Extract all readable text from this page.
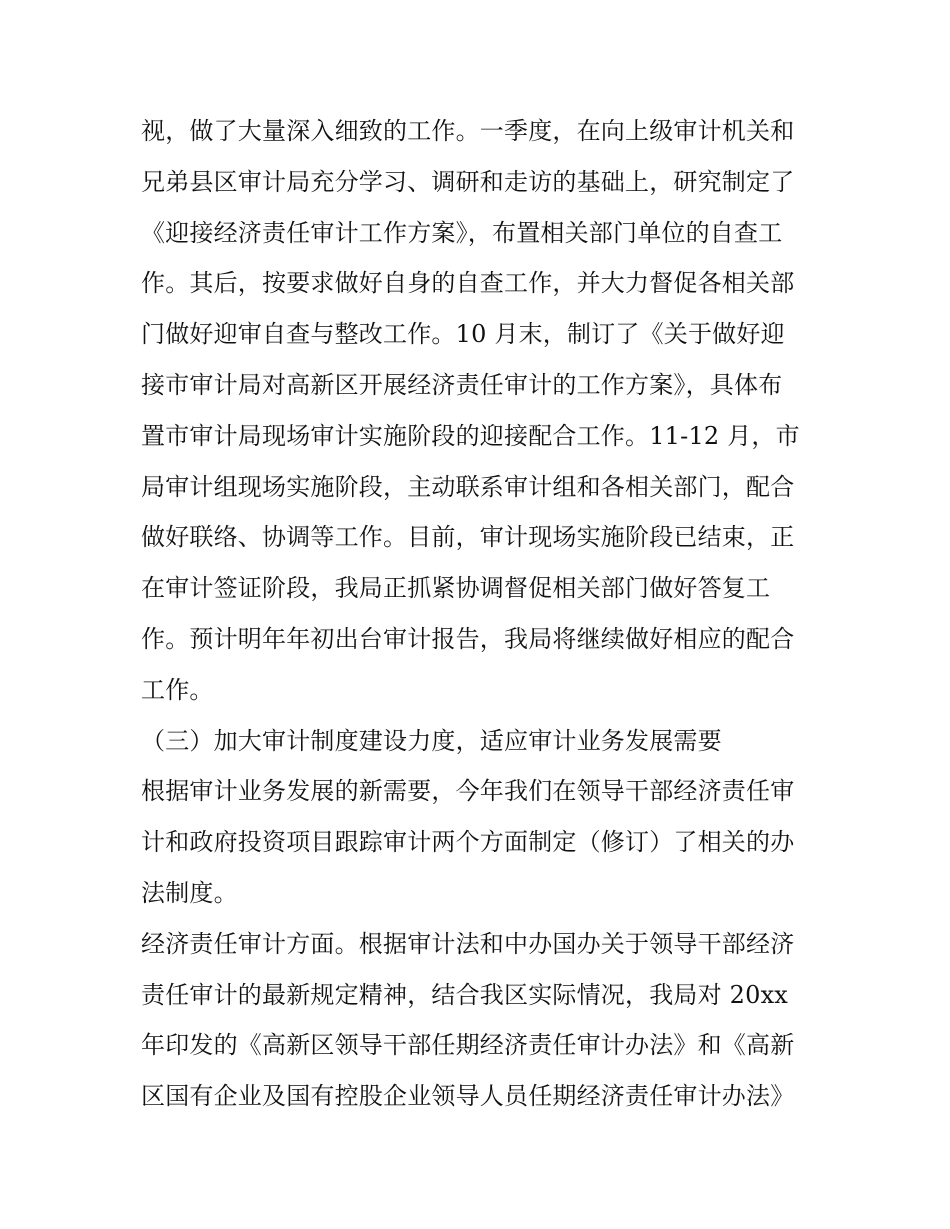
视，做了大量深入细致的工作。一季度，在向上级审计机关和
兄弟县区审计局充分学习、调研和走访的基础上，研究制定了
《迎接经济责任审计工作方案》，布置相关部门单位的自查工
作。其后，按要求做好自身的自查工作，并大力督促各相关部
门做好迎审自查与整改工作。10 月末，制订了《关于做好迎
接市审计局对高新区开展经济责任审计的工作方案》，具体布
置市审计局现场审计实施阶段的迎接配合工作。11-12 月，市
局审计组现场实施阶段，主动联系审计组和各相关部门，配合
做好联络、协调等工作。目前，审计现场实施阶段已结束，正
在审计签证阶段，我局正抓紧协调督促相关部门做好答复工
作。预计明年年初出台审计报告，我局将继续做好相应的配合
工作。
（三）加大审计制度建设力度，适应审计业务发展需要
根据审计业务发展的新需要，今年我们在领导干部经济责任审
计和政府投资项目跟踪审计两个方面制定（修订）了相关的办
法制度。
经济责任审计方面。根据审计法和中办国办关于领导干部经济
责任审计的最新规定精神，结合我区实际情况，我局对 20xx
年印发的《高新区领导干部任期经济责任审计办法》和《高新
区国有企业及国有控股企业领导人员任期经济责任审计办法》
